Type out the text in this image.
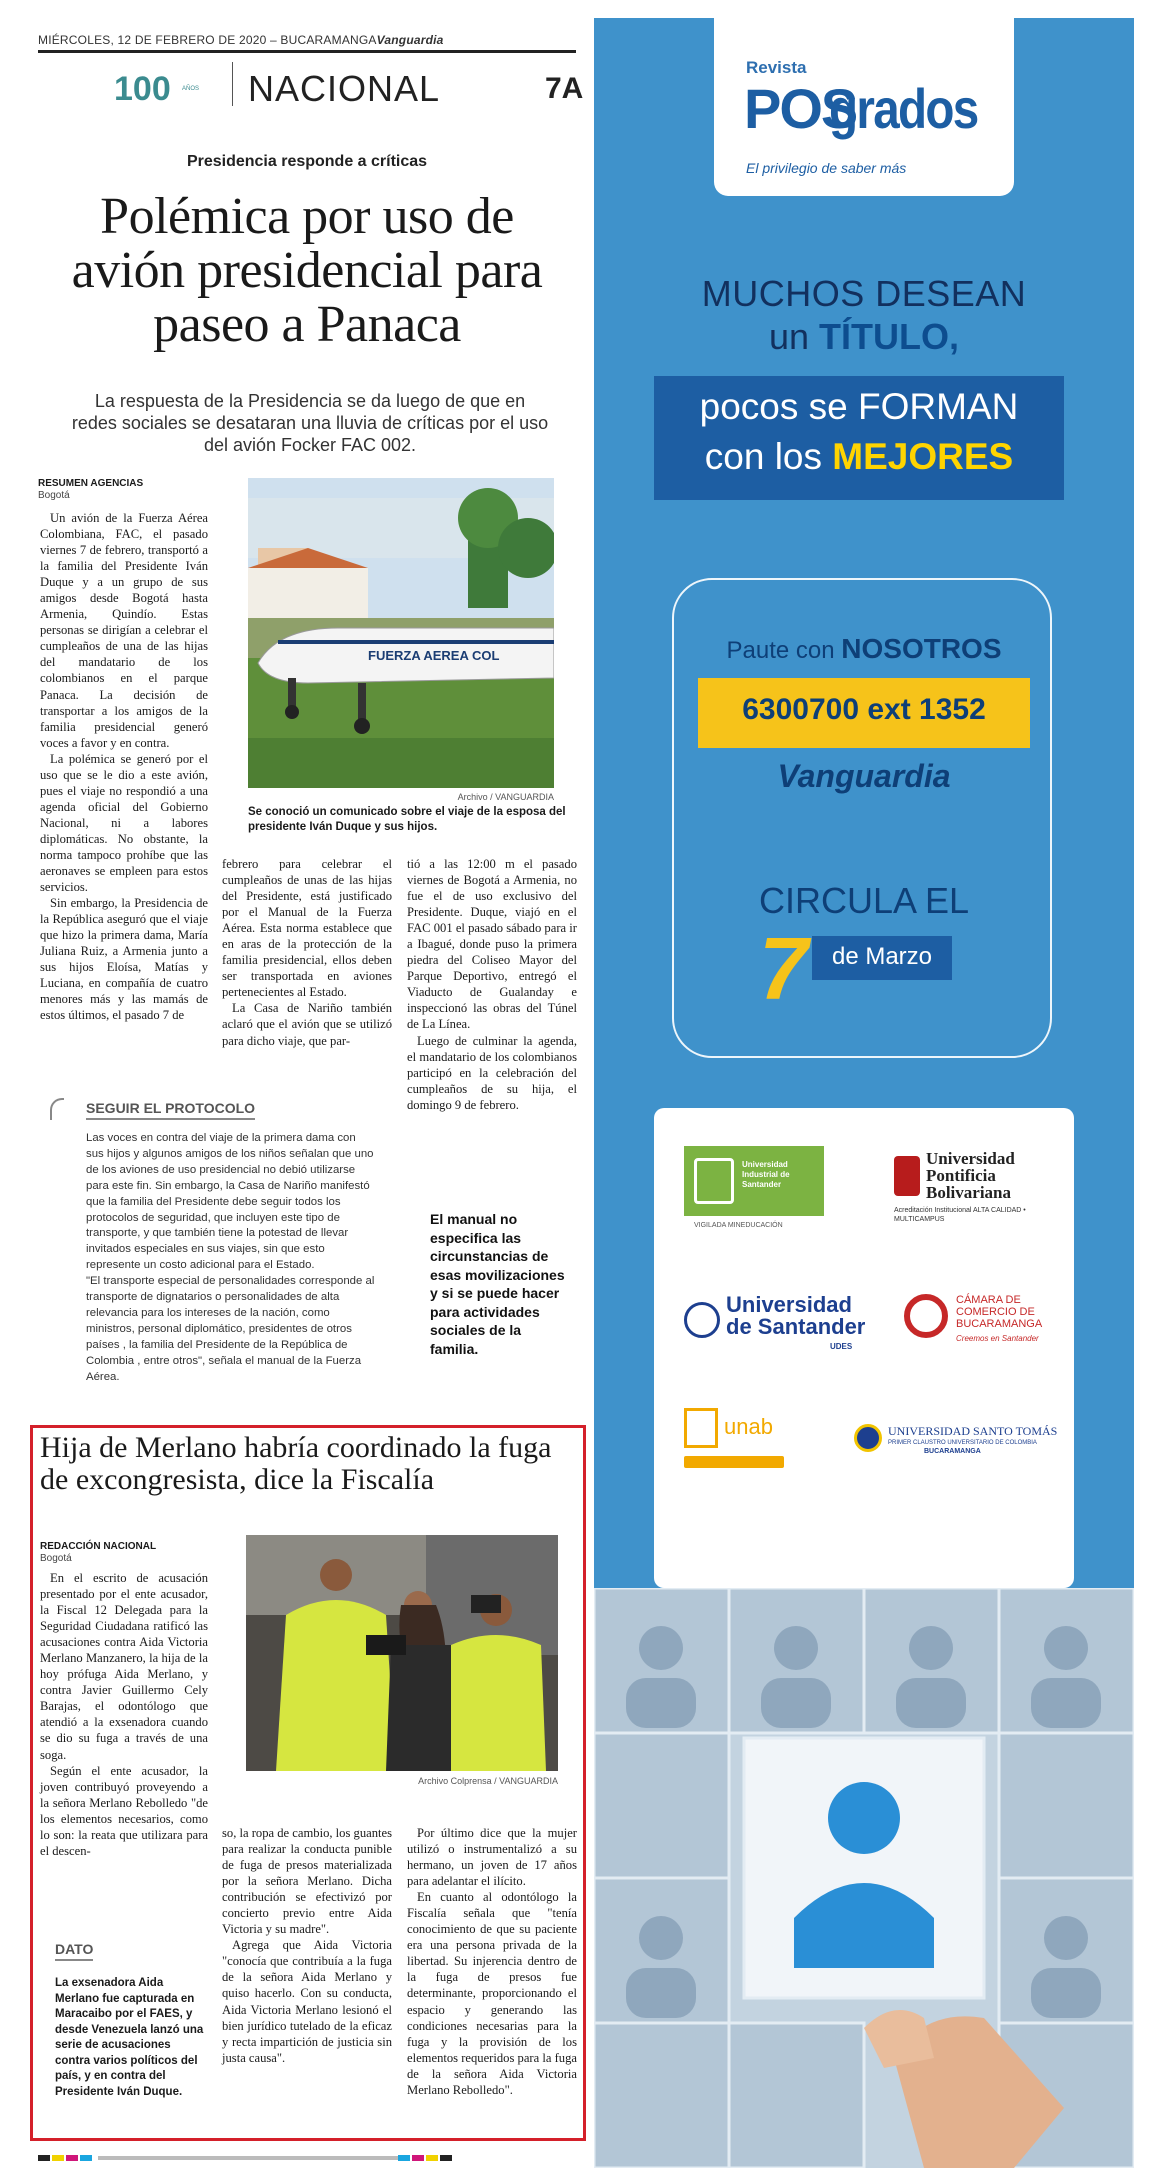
MIÉRCOLES, 12 DE FEBRERO DE 2020 – BUCARAMANGAVanguardia
100 AÑOS NACIONAL	7A
Presidencia responde a críticas
Polémica por uso de avión presidencial para paseo a Panaca
La respuesta de la Presidencia se da luego de que en redes sociales se desataran una lluvia de críticas por el uso del avión Focker FAC 002.
RESUMEN AGENCIAS
Bogotá

Un avión de la Fuerza Aérea Colombiana, FAC, el pasado viernes 7 de febrero, transportó a la familia del Presidente Iván Duque y a un grupo de sus amigos desde Bogotá hasta Armenia, Quindío. Estas personas se dirigían a celebrar el cumpleaños de una de las hijas del mandatario de los colombianos en el parque Panaca. La decisión de transportar a los amigos de la familia presidencial generó voces a favor y en contra.

La polémica se generó por el uso que se le dio a este avión, pues el viaje no respondió a una agenda oficial del Gobierno Nacional, ni a labores diplomáticas. No obstante, la norma tampoco prohíbe que las aeronaves se empleen para estos servicios.

Sin embargo, la Presidencia de la República aseguró que el viaje que hizo la primera dama, María Juliana Ruiz, a Armenia junto a sus hijos Eloísa, Matías y Luciana, en compañía de cuatro menores más y las mamás de estos últimos, el pasado 7 de

FUERZA AEREA COL
Archivo / VANGUARDIA
Se conoció un comunicado sobre el viaje de la esposa del presidente Iván Duque y sus hijos.

febrero para celebrar el cumpleaños de unas de las hijas del Presidente, está justificado por el Manual de la Fuerza Aérea. Esta norma establece que en aras de la protección de la familia presidencial, ellos deben ser transportada en aviones pertenecientes al Estado.

La Casa de Nariño también aclaró que el avión que se utilizó para dicho viaje, que par-

tió a las 12:00 m el pasado viernes de Bogotá a Armenia, no fue el de uso exclusivo del Presidente. Duque, viajó en el FAC 001 el pasado sábado para ir a Ibagué, donde puso la primera piedra del Coliseo Mayor del Parque Deportivo, entregó el Viaducto de Gualanday e inspeccionó las obras del Túnel de La Línea.

Luego de culminar la agenda, el mandatario de los colombianos participó en la celebración del cumpleaños de su hija, el domingo 9 de febrero.

SEGUIR EL PROTOCOLO

Las voces en contra del viaje de la primera dama con sus hijos y algunos amigos de los niños señalan que uno de los aviones de uso presidencial no debió utilizarse para este fin. Sin embargo, la Casa de Nariño manifestó que la familia del Presidente debe seguir todos los protocolos de seguridad, que incluyen este tipo de transporte, y que también tiene la potestad de llevar invitados especiales en sus viajes, sin que esto represente un costo adicional para el Estado.

"El transporte especial de personalidades corresponde al transporte de dignatarios o personalidades de alta relevancia para los intereses de la nación, como ministros, personal diplomático, presidentes de otros países , la familia del Presidente de la República de Colombia , entre otros", señala el manual de la Fuerza Aérea.

El manual no especifica las circunstancias de esas movilizaciones y si se puede hacer para actividades sociales de la familia.
Hija de Merlano habría coordinado la fuga de excongresista, dice la Fiscalía
REDACCIÓN NACIONAL
Bogotá

En el escrito de acusación presentado por el ente acusador, la Fiscal 12 Delegada para la Seguridad Ciudadana ratificó las acusaciones contra Aida Victoria Merlano Manzanero, la hija de la hoy prófuga Aida Merlano, y contra Javier Guillermo Cely Barajas, el odontólogo que atendió a la exsenadora cuando se dio su fuga a través de una soga.

Según el ente acusador, la joven contribuyó proveyendo a la señora Merlano Rebolledo "de los elementos necesarios, como lo son: la reata que utilizara para el descen-

Archivo Colprensa / VANGUARDIA

so, la ropa de cambio, los guantes para realizar la conducta punible de fuga de presos materializada por la señora Merlano. Dicha contribución se efectivizó por concierto previo entre Aida Victoria y su madre".

Agrega que Aida Victoria "conocía que contribuía a la fuga de la señora Aida Merlano y quiso hacerlo. Con su conducta, Aida Victoria Merlano lesionó el bien jurídico tutelado de la eficaz y recta impartición de justicia sin justa causa".

Por último dice que la mujer utilizó o instrumentalizó a su hermano, un joven de 17 años para adelantar el ilícito.

En cuanto al odontólogo la Fiscalía señala que "tenía conocimiento de que su paciente era una persona privada de la libertad. Su injerencia dentro de la fuga de presos fue determinante, proporcionando el espacio y generando las condiciones necesarias para la fuga y la provisión de los elementos requeridos para la fuga de la señora Aida Victoria Merlano Rebolledo".

DATO
La exsenadora Aida Merlano fue capturada en Maracaibo por el FAES, y desde Venezuela lanzó una serie de acusaciones contra varios políticos del país, y en contra del Presidente Iván Duque.
Revista
POS
grados
El privilegio de saber más
MUCHOS DESEAN
un TÍTULO,
pocos se FORMAN
con los MEJORES
Paute con NOSOTROS
6300700 ext 1352
Vanguardia
CIRCULA EL
7	de Marzo
Universidad Industrial de Santander
VIGILADA MINEDUCACIÓN
Universidad
Pontificia
Bolivariana
Acreditación Institucional ALTA CALIDAD • MULTICAMPUS
Universidad
de Santander
UDES
CÁMARA DE
COMERCIO DE
BUCARAMANGA
Creemos en Santander
unab	UNIVERSIDAD SANTO TOMÁS
PRIMER CLAUSTRO UNIVERSITARIO DE COLOMBIA
BUCARAMANGA
